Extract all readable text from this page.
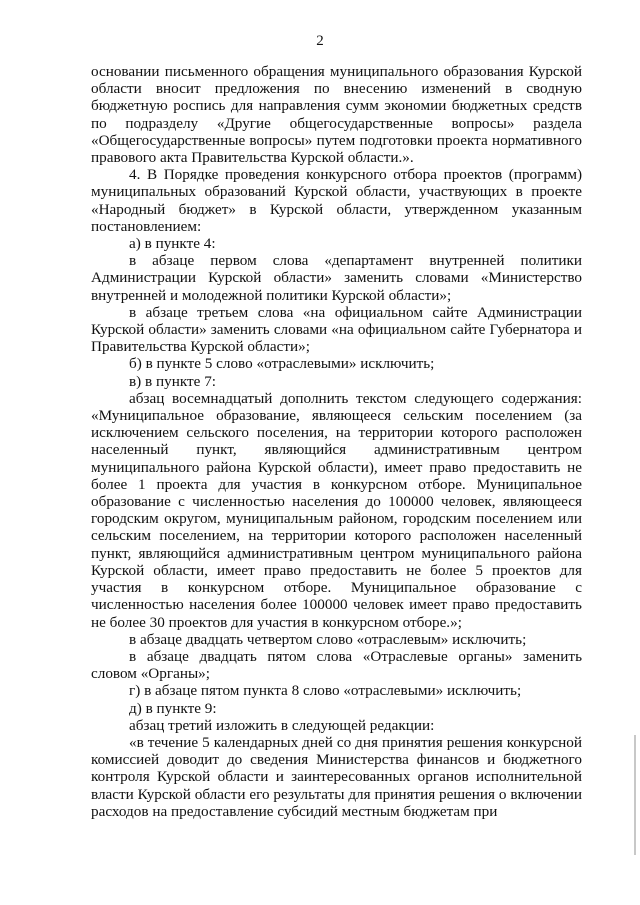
2

основании письменного обращения муниципального образования Курской области вносит предложения по внесению изменений в сводную бюджетную роспись для направления сумм экономии бюджетных средств по подразделу «Другие общегосударственные вопросы» раздела «Общегосударственные вопросы» путем подготовки проекта нормативного правового акта Правительства Курской области.».

4. В Порядке проведения конкурсного отбора проектов (программ) муниципальных образований Курской области, участвующих в проекте «Народный бюджет» в Курской области, утвержденном указанным постановлением:

а) в пункте 4:

в абзаце первом слова «департамент внутренней политики Администрации Курской области» заменить словами «Министерство внутренней и молодежной политики Курской области»;

в абзаце третьем слова «на официальном сайте Администрации Курской области» заменить словами «на официальном сайте Губернатора и Правительства Курской области»;

б) в пункте 5 слово «отраслевыми» исключить;

в) в пункте 7:

абзац восемнадцатый дополнить текстом следующего содержания: «Муниципальное образование, являющееся сельским поселением (за исключением сельского поселения, на территории которого расположен населенный пункт, являющийся административным центром муниципального района Курской области), имеет право предоставить не более 1 проекта для участия в конкурсном отборе. Муниципальное образование с численностью населения до 100000 человек, являющееся городским округом, муниципальным районом, городским поселением или сельским поселением, на территории которого расположен населенный пункт, являющийся административным центром муниципального района Курской области, имеет право предоставить не более 5 проектов для участия в конкурсном отборе. Муниципальное образование с численностью населения более 100000 человек имеет право предоставить не более 30 проектов для участия в конкурсном отборе.»;

в абзаце двадцать четвертом слово «отраслевым» исключить;

в абзаце двадцать пятом слова «Отраслевые органы» заменить словом «Органы»;

г) в абзаце пятом пункта 8 слово «отраслевыми» исключить;

д) в пункте 9:

абзац третий изложить в следующей редакции:

«в течение 5 календарных дней со дня принятия решения конкурсной комиссией доводит до сведения Министерства финансов и бюджетного контроля Курской области и заинтересованных органов исполнительной власти Курской области его результаты для принятия решения о включении расходов на предоставление субсидий местным бюджетам при
